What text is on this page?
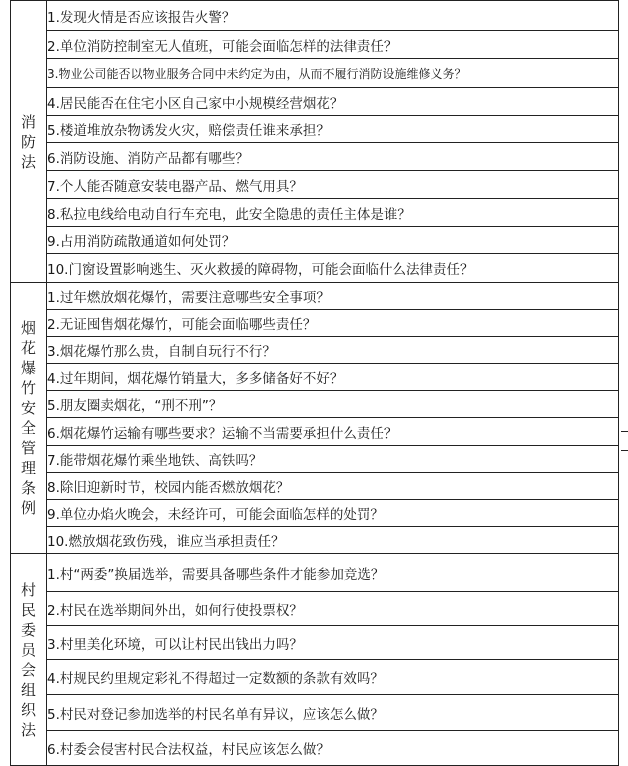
消防法	1.发现火情是否应该报告火警？
	2.单位消防控制室无人值班，可能会面临怎样的法律责任？
	3.物业公司能否以物业服务合同中未约定为由，从而不履行消防设施维修义务？
	4.居民能否在住宅小区自己家中小规模经营烟花？
	5.楼道堆放杂物诱发火灾，赔偿责任谁来承担？
	6.消防设施、消防产品都有哪些？
	7.个人能否随意安装电器产品、燃气用具？
	8.私拉电线给电动自行车充电，此安全隐患的责任主体是谁？
	9.占用消防疏散通道如何处罚？
	10.门窗设置影响逃生、灭火救援的障碍物，可能会面临什么法律责任？
烟花爆竹安全管理条例	1.过年燃放烟花爆竹，需要注意哪些安全事项？
	2.无证囤售烟花爆竹，可能会面临哪些责任？
	3.烟花爆竹那么贵，自制自玩行不行？
	4.过年期间，烟花爆竹销量大，多多储备好不好？
	5.朋友圈卖烟花，“刑不刑”？
	6.烟花爆竹运输有哪些要求？运输不当需要承担什么责任？
	7.能带烟花爆竹乘坐地铁、高铁吗？
	8.除旧迎新时节，校园内能否燃放烟花？
	9.单位办焰火晚会，未经许可，可能会面临怎样的处罚？
	10.燃放烟花致伤残，谁应当承担责任？
村民委员会组织法	1.村“两委”换届选举，需要具备哪些条件才能参加竞选？
	2.村民在选举期间外出，如何行使投票权？
	3.村里美化环境，可以让村民出钱出力吗？
	4.村规民约里规定彩礼不得超过一定数额的条款有效吗？
	5.村民对登记参加选举的村民名单有异议，应该怎么做？
	6.村委会侵害村民合法权益，村民应该怎么做？
